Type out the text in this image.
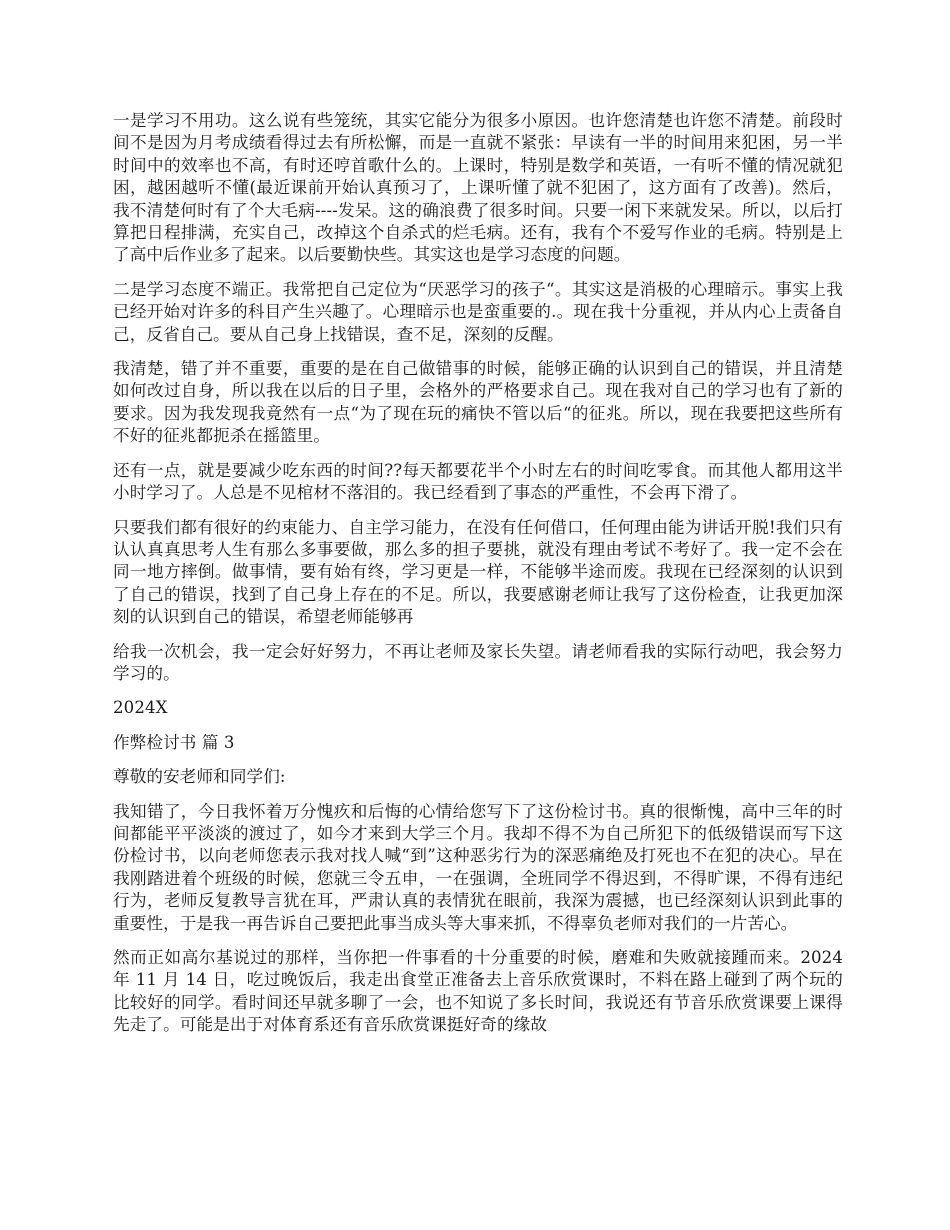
一是学习不用功。这么说有些笼统，其实它能分为很多小原因。也许您清楚也许您不清楚。前段时间不是因为月考成绩看得过去有所松懈，而是一直就不紧张：早读有一半的时间用来犯困，另一半时间中的效率也不高，有时还哼首歌什么的。上课时，特别是数学和英语，一有听不懂的情况就犯困，越困越听不懂(最近课前开始认真预习了，上课听懂了就不犯困了，这方面有了改善)。然后，我不清楚何时有了个大毛病----发呆。这的确浪费了很多时间。只要一闲下来就发呆。所以，以后打算把日程排满，充实自己，改掉这个自杀式的烂毛病。还有，我有个不爱写作业的毛病。特别是上了高中后作业多了起来。以后要勤快些。其实这也是学习态度的问题。

二是学习态度不端正。我常把自己定位为“厌恶学习的孩子“。其实这是消极的心理暗示。事实上我已经开始对许多的科目产生兴趣了。心理暗示也是蛮重要的.。现在我十分重视，并从内心上责备自己，反省自己。要从自己身上找错误，查不足，深刻的反醒。

我清楚，错了并不重要，重要的是在自己做错事的时候，能够正确的认识到自己的错误，并且清楚如何改过自身，所以我在以后的日子里，会格外的严格要求自己。现在我对自己的学习也有了新的要求。因为我发现我竟然有一点“为了现在玩的痛快不管以后“的征兆。所以，现在我要把这些所有不好的征兆都扼杀在摇篮里。

还有一点，就是要减少吃东西的时间??每天都要花半个小时左右的时间吃零食。而其他人都用这半小时学习了。人总是不见棺材不落泪的。我已经看到了事态的严重性，不会再下滑了。

只要我们都有很好的约束能力、自主学习能力，在没有任何借口，任何理由能为讲话开脱!我们只有认认真真思考人生有那么多事要做，那么多的担子要挑，就没有理由考试不考好了。我一定不会在同一地方摔倒。做事情，要有始有终，学习更是一样，不能够半途而废。我现在已经深刻的认识到了自己的错误，找到了自己身上存在的不足。所以，我要感谢老师让我写了这份检查，让我更加深刻的认识到自己的错误，希望老师能够再

给我一次机会，我一定会好好努力，不再让老师及家长失望。请老师看我的实际行动吧，我会努力学习的。

2024X

作弊检讨书 篇 3

尊敬的安老师和同学们:

我知错了，今日我怀着万分愧疚和后悔的心情给您写下了这份检讨书。真的很惭愧，高中三年的时间都能平平淡淡的渡过了，如今才来到大学三个月。我却不得不为自己所犯下的低级错误而写下这份检讨书，以向老师您表示我对找人喊“到”这种恶劣行为的深恶痛绝及打死也不在犯的决心。早在我刚踏进着个班级的时候，您就三令五申，一在强调，全班同学不得迟到，不得旷课，不得有违纪行为，老师反复教导言犹在耳，严肃认真的表情犹在眼前，我深为震撼，也已经深刻认识到此事的重要性，于是我一再告诉自己要把此事当成头等大事来抓，不得辜负老师对我们的一片苦心。

然而正如高尔基说过的那样，当你把一件事看的十分重要的时候，磨难和失败就接踵而来。2024 年 11 月 14 日，吃过晚饭后，我走出食堂正准备去上音乐欣赏课时，不料在路上碰到了两个玩的比较好的同学。看时间还早就多聊了一会，也不知说了多长时间，我说还有节音乐欣赏课要上课得先走了。可能是出于对体育系还有音乐欣赏课挺好奇的缘故
